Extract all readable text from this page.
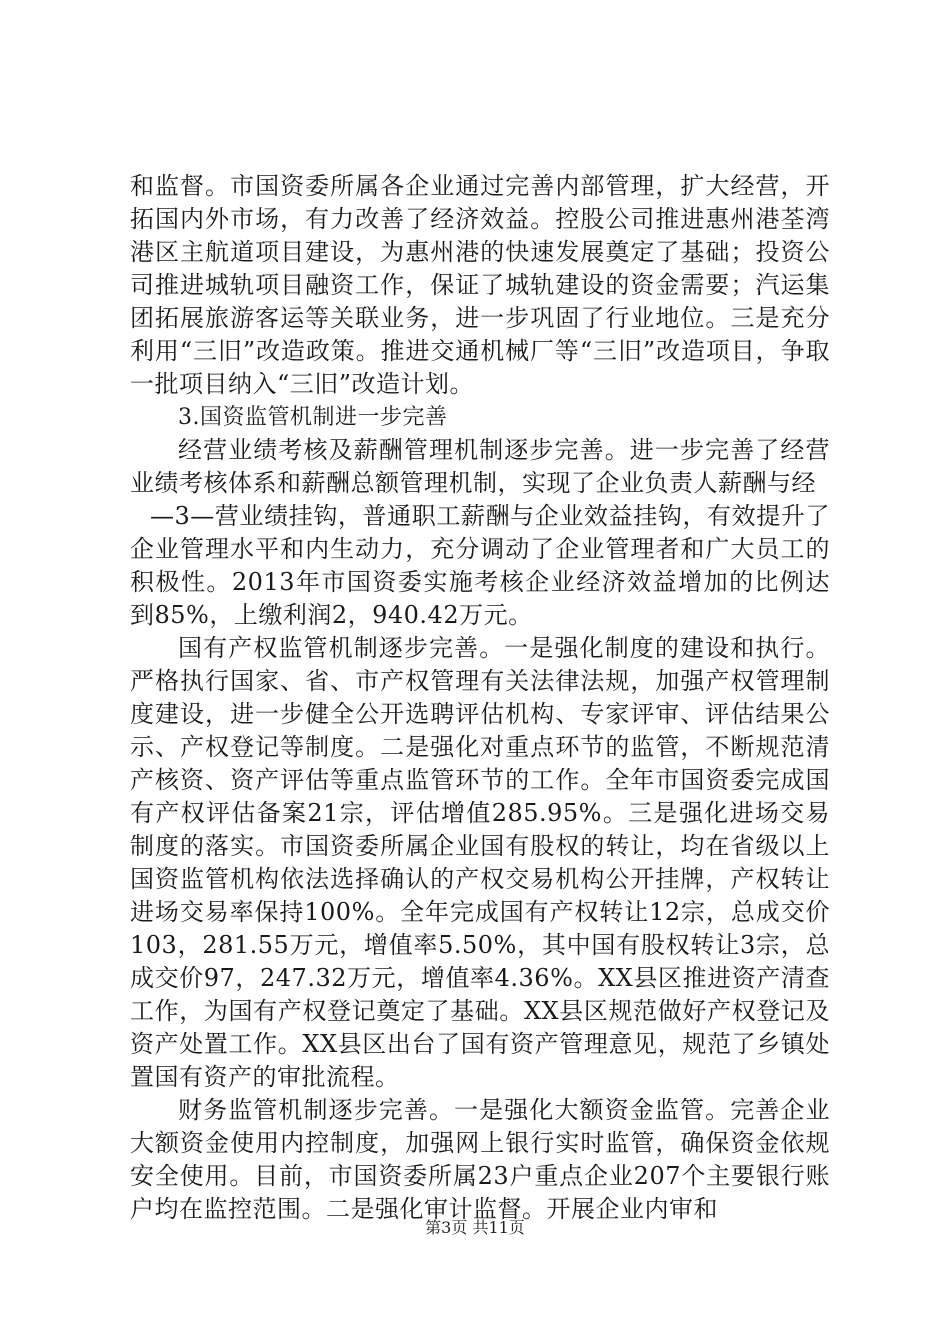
和监督。市国资委所属各企业通过完善内部管理，扩大经营，开拓国内外市场，有力改善了经济效益。控股公司推进惠州港荃湾港区主航道项目建设，为惠州港的快速发展奠定了基础；投资公司推进城轨项目融资工作，保证了城轨建设的资金需要；汽运集团拓展旅游客运等关联业务，进一步巩固了行业地位。三是充分利用“三旧”改造政策。推进交通机械厂等“三旧”改造项目，争取一批项目纳入“三旧”改造计划。

3.国资监管机制进一步完善

经营业绩考核及薪酬管理机制逐步完善。进一步完善了经营业绩考核体系和薪酬总额管理机制，实现了企业负责人薪酬与经

—3—营业绩挂钩，普通职工薪酬与企业效益挂钩，有效提升了企业管理水平和内生动力，充分调动了企业管理者和广大员工的积极性。2013年市国资委实施考核企业经济效益增加的比例达到85%，上缴利润2，940.42万元。

国有产权监管机制逐步完善。一是强化制度的建设和执行。严格执行国家、省、市产权管理有关法律法规，加强产权管理制度建设，进一步健全公开选聘评估机构、专家评审、评估结果公示、产权登记等制度。二是强化对重点环节的监管，不断规范清产核资、资产评估等重点监管环节的工作。全年市国资委完成国有产权评估备案21宗，评估增值285.95%。三是强化进场交易制度的落实。市国资委所属企业国有股权的转让，均在省级以上国资监管机构依法选择确认的产权交易机构公开挂牌，产权转让进场交易率保持100%。全年完成国有产权转让12宗，总成交价103，281.55万元，增值率5.50%，其中国有股权转让3宗，总成交价97，247.32万元，增值率4.36%。XX县区推进资产清查工作，为国有产权登记奠定了基础。XX县区规范做好产权登记及资产处置工作。XX县区出台了国有资产管理意见，规范了乡镇处置国有资产的审批流程。

财务监管机制逐步完善。一是强化大额资金监管。完善企业大额资金使用内控制度，加强网上银行实时监管，确保资金依规安全使用。目前，市国资委所属23户重点企业207个主要银行账户均在监控范围。二是强化审计监督。开展企业内审和

第3页 共11页
